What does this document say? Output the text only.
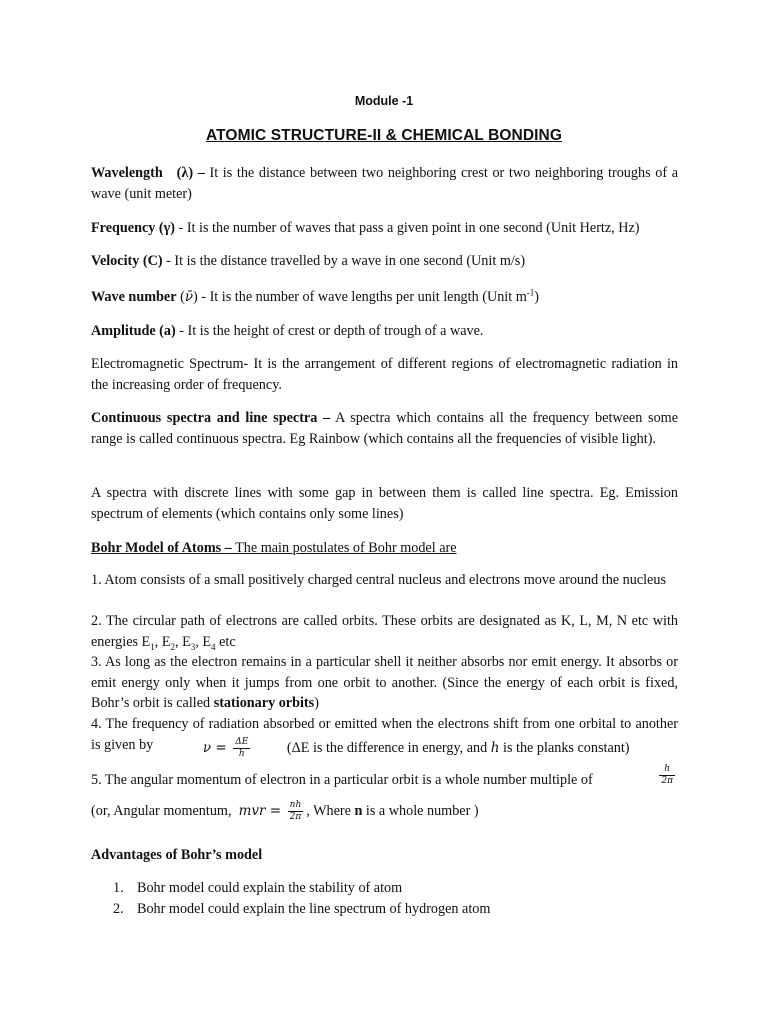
Module -1
ATOMIC STRUCTURE-II & CHEMICAL BONDING
Wavelength (λ) – It is the distance between two neighboring crest or two neighboring troughs of a wave (unit meter)
Frequency (γ) - It is the number of waves that pass a given point in one second (Unit Hertz, Hz)
Velocity (C) - It is the distance travelled by a wave in one second (Unit m/s)
Wave number (ν̄) - It is the number of wave lengths per unit length (Unit $m^{-1}$)
Amplitude (a) - It is the height of crest or depth of trough of a wave.
Electromagnetic Spectrum- It is the arrangement of different regions of electromagnetic radiation in the increasing order of frequency.
Continuous spectra and line spectra – A spectra which contains all the frequency between some range is called continuous spectra. Eg Rainbow (which contains all the frequencies of visible light).
A spectra with discrete lines with some gap in between them is called line spectra. Eg. Emission spectrum of elements (which contains only some lines)
Bohr Model of Atoms – The main postulates of Bohr model are
1. Atom consists of a small positively charged central nucleus and electrons move around the nucleus
2. The circular path of electrons are called orbits. These orbits are designated as K, L, M, N etc with energies $E_1$, $E_2$, $E_3$, $E_4$ etc
3. As long as the electron remains in a particular shell it neither absorbs nor emit energy. It absorbs or emit energy only when it jumps from one orbit to another. (Since the energy of each orbit is fixed, Bohr’s orbit is called stationary orbits)
4. The frequency of radiation absorbed or emitted when the electrons shift from one orbital to another is given by	$\nu = \frac{\Delta E}{h}$	(ΔE is the difference in energy, and h is the planks constant)
5. The angular momentum of electron in a particular orbit is a whole number multiple of	$\frac{h}{2\pi}$
(or, Angular momentum, mvr = $\frac{nh}{2\pi}$ , Where n is a whole number )
Advantages of Bohr’s model
1. Bohr model could explain the stability of atom
2. Bohr model could explain the line spectrum of hydrogen atom
